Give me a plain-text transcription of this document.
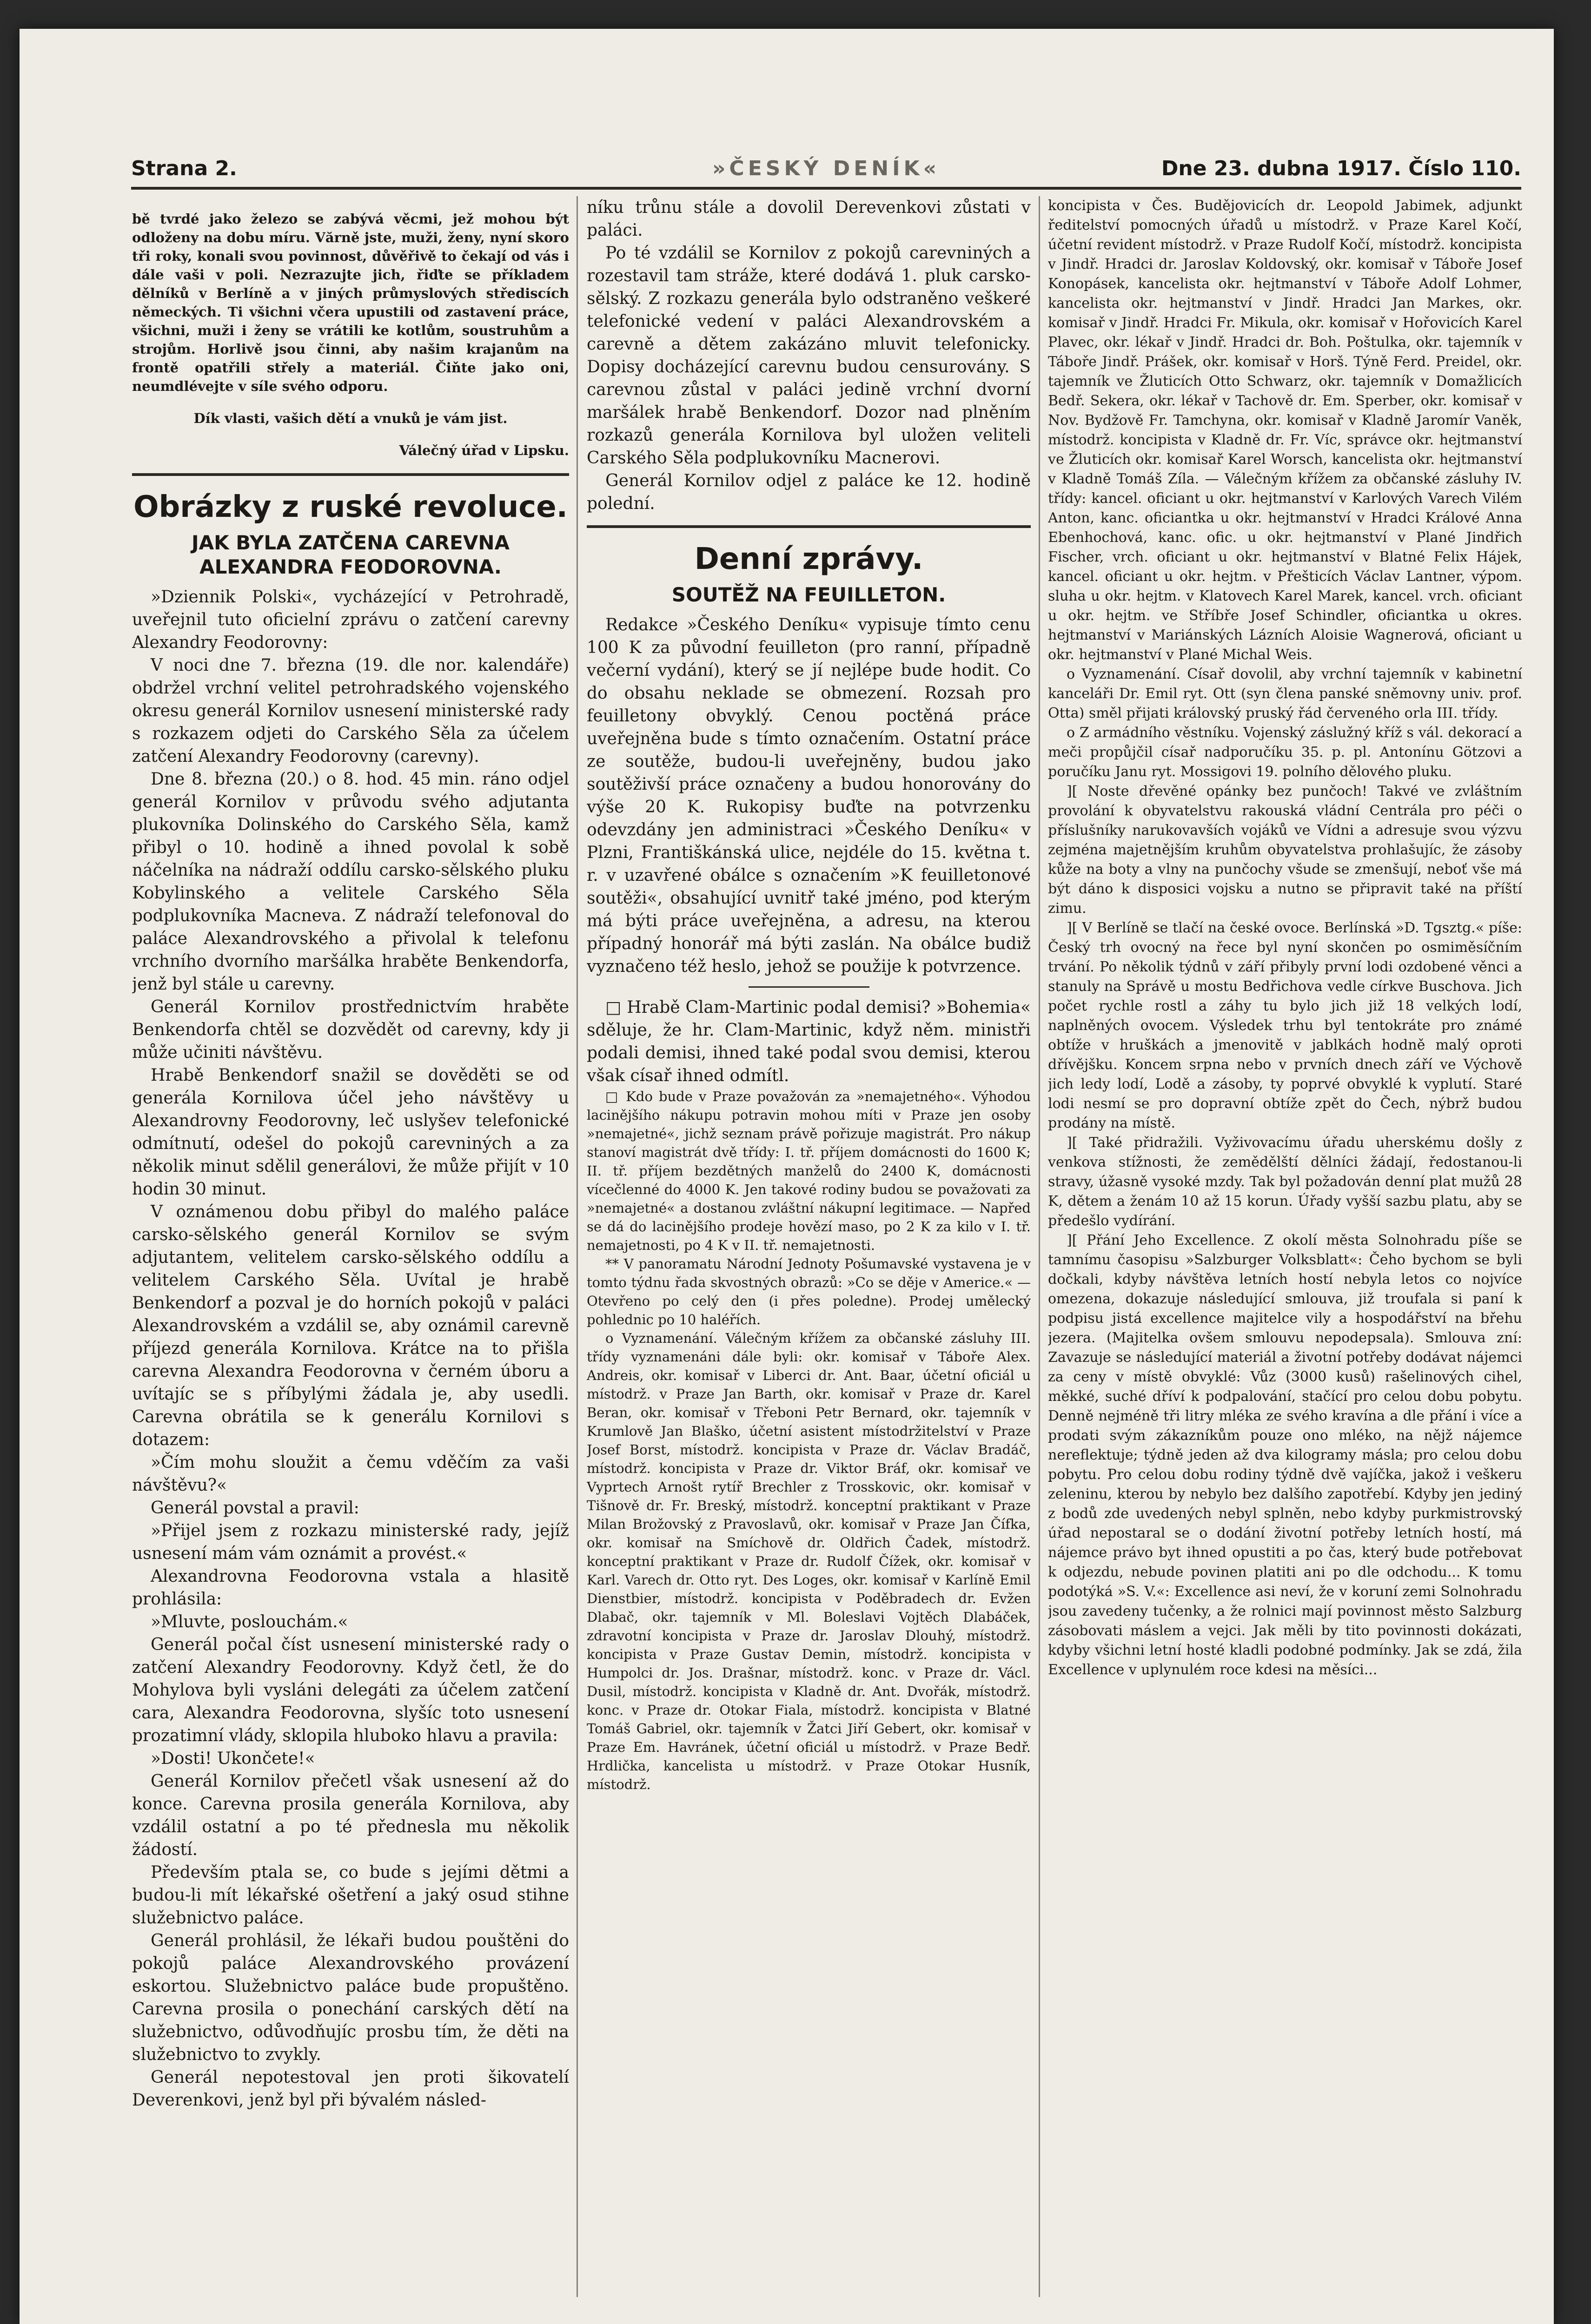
Strana 2.	»ČESKÝ DENÍK«	Dne 23. dubna 1917. Číslo 110.

bě tvrdé jako železo se zabývá věcmi, jež mohou být odloženy na dobu míru. Vărně jste, muži, ženy, nyní skoro tři roky, konali svou povinnost, důvěřivě to čekají od vás i dále vaši v poli. Nezrazujte jich, řiďte se příkladem dělníků v Berlíně a v jiných průmyslových střediscích německých. Ti všichni včera upustili od zastavení práce, všichni, muži i ženy se vrátili ke kotlům, soustruhům a strojům. Horlivě jsou činni, aby našim krajanům na frontě opatřili střely a materiál. Čiňte jako oni, neumdlévejte v síle svého odporu.

Dík vlasti, vašich dětí a vnuků je vám jist.

Válečný úřad v Lipsku.

Obrázky z ruské revoluce.
JAK BYLA ZATČENA CAREVNA ALEXANDRA FEODOROVNA.

»Dziennik Polski«, vycházející v Petrohradě, uveřejnil tuto oficielní zprávu o zatčení carevny Alexandry Feodorovny:

V noci dne 7. března (19. dle nor. kalendáře) obdržel vrchní velitel petrohradského vojenského okresu generál Kornilov usnesení ministerské rady s rozkazem odjeti do Carského Sěla za účelem zatčení Alexandry Feodorovny (carevny).

Dne 8. března (20.) o 8. hod. 45 min. ráno odjel generál Kornilov v průvodu svého adjutanta plukovníka Dolinského do Carského Sěla, kamž přibyl o 10. hodině a ihned povolal k sobě náčelníka na nádraží oddílu carsko-sělského pluku Kobylinského a velitele Carského Sěla podplukovníka Macneva. Z nádraží telefonoval do paláce Alexandrovského a přivolal k telefonu vrchního dvorního maršálka hraběte Benkendorfa, jenž byl stále u carevny.

Generál Kornilov prostřednictvím hraběte Benkendorfa chtěl se dozvědět od carevny, kdy ji může učiniti návštěvu.

Hrabě Benkendorf snažil se dověděti se od generála Kornilova účel jeho návštěvy u Alexandrovny Feodorovny, leč uslyšev telefonické odmítnutí, odešel do pokojů carevniných a za několik minut sdělil generálovi, že může přijít v 10 hodin 30 minut.

V oznámenou dobu přibyl do malého paláce carsko-sělského generál Kornilov se svým adjutantem, velitelem carsko-sělského oddílu a velitelem Carského Sěla. Uvítal je hrabě Benkendorf a pozval je do horních pokojů v paláci Alexandrovském a vzdálil se, aby oznámil carevně příjezd generála Kornilova. Krátce na to přišla carevna Alexandra Feodorovna v černém úboru a uvítajíc se s příbylými žádala je, aby usedli. Carevna obrátila se k generálu Kornilovi s dotazem:

»Čím mohu sloužit a čemu vděčím za vaši návštěvu?«

Generál povstal a pravil:

»Přijel jsem z rozkazu ministerské rady, jejíž usnesení mám vám oznámit a provést.«

Alexandrovna Feodorovna vstala a hlasitě prohlásila:

»Mluvte, poslouchám.«

Generál počal číst usnesení ministerské rady o zatčení Alexandry Feodorovny. Když četl, že do Mohylova byli vysláni delegáti za účelem zatčení cara, Alexandra Feodorovna, slyšíc toto usnesení prozatimní vlády, sklopila hluboko hlavu a pravila:

»Dosti! Ukončete!«

Generál Kornilov přečetl však usnesení až do konce. Carevna prosila generála Kornilova, aby vzdálil ostatní a po té přednesla mu několik žádostí.

Především ptala se, co bude s jejími dětmi a budou-li mít lékařské ošetření a jaký osud stihne služebnictvo paláce.

Generál prohlásil, že lékaři budou pouštěni do pokojů paláce Alexandrovského provázení eskortou. Služebnictvo paláce bude propuštěno. Carevna prosila o ponechání carských dětí na služebnictvo, odůvodňujíc prosbu tím, že děti na služebnictvo to zvykly.

Generál nepotestoval jen proti šikovatelí Deverenkovi, jenž byl při bývalém násled-

níku trůnu stále a dovolil Derevenkovi zůstati v paláci.

Po té vzdálil se Kornilov z pokojů carevniných a rozestavil tam stráže, které dodává 1. pluk carsko-sělský. Z rozkazu generála bylo odstraněno veškeré telefonické vedení v paláci Alexandrovském a carevně a dětem zakázáno mluvit telefonicky. Dopisy docházející carevnu budou censurovány. S carevnou zůstal v paláci jedině vrchní dvorní maršálek hrabě Benkendorf. Dozor nad plněním rozkazů generála Kornilova byl uložen veliteli Carského Sěla podplukovníku Macnerovi.

Generál Kornilov odjel z paláce ke 12. hodině polední.

Denní zprávy.
SOUTĚŽ NA FEUILLETON.

Redakce »Českého Deníku« vypisuje tímto cenu 100 K za původní feuilleton (pro ranní, případně večerní vydání), který se jí nejlépe bude hodit. Co do obsahu neklade se obmezení. Rozsah pro feuilletony obvyklý. Cenou poctěná práce uveřejněna bude s tímto označením. Ostatní práce ze soutěže, budou-li uveřejněny, budou jako soutěživší práce označeny a budou honorovány do výše 20 K. Rukopisy buďte na potvrzenku odevzdány jen administraci »Českého Deníku« v Plzni, Františkánská ulice, nejdéle do 15. května t. r. v uzavřené obálce s označením »K feuilletonové soutěži«, obsahující uvnitř také jméno, pod kterým má býti práce uveřejněna, a adresu, na kterou případný honorář má býti zaslán. Na obálce budiž vyznačeno též heslo, jehož se použije k potvrzence.

□ Hrabě Clam-Martinic podal demisi? »Bohemia« sděluje, že hr. Clam-Martinic, když něm. ministři podali demisi, ihned také podal svou demisi, kterou však císař ihned odmítl.

□ Kdo bude v Praze považován za »nemajetného«. Výhodou lacinějšího nákupu potravin mohou míti v Praze jen osoby »nemajetné«, jichž seznam právě pořizuje magistrát. Pro nákup stanoví magistrát dvě třídy: I. tř. příjem domácnosti do 1600 K; II. tř. příjem bezdětných manželů do 2400 K, domácnosti vícečlenné do 4000 K. Jen takové rodiny budou se považovati za »nemajetné« a dostanou zvláštní nákupní legitimace. — Napřed se dá do lacinějšího prodeje hovězí maso, po 2 K za kilo v I. tř. nemajetnosti, po 4 K v II. tř. nemajetnosti.

** V panoramatu Národní Jednoty Pošumavské vystavena je v tomto týdnu řada skvostných obrazů: »Co se děje v Americe.« — Otevřeno po celý den (i přes poledne). Prodej umělecký pohlednic po 10 haléřích.

o Vyznamenání. Válečným křížem za občanské zásluhy III. třídy vyznamenáni dále byli: okr. komisař v Táboře Alex. Andreis, okr. komisař v Liberci dr. Ant. Baar, účetní oficiál u místodrž. v Praze Jan Barth, okr. komisař v Praze dr. Karel Beran, okr. komisař v Třeboni Petr Bernard, okr. tajemník v Krumlově Jan Blaško, účetní asistent místodržitelství v Praze Josef Borst, místodrž. koncipista v Praze dr. Václav Bradáč, místodrž. koncipista v Praze dr. Viktor Bráf, okr. komisař ve Vyprtech Arnošt rytíř Brechler z Trosskovic, okr. komisař v Tišnově dr. Fr. Breský, místodrž. konceptní praktikant v Praze Milan Brožovský z Pravoslavů, okr. komisař v Praze Jan Čífka, okr. komisař na Smíchově dr. Oldřich Čadek, místodrž. konceptní praktikant v Praze dr. Rudolf Čížek, okr. komisař v Karl. Varech dr. Otto ryt. Des Loges, okr. komisař v Karlíně Emil Dienstbier, místodrž. koncipista v Poděbradech dr. Evžen Dlabač, okr. tajemník v Ml. Boleslavi Vojtěch Dlabáček, zdravotní koncipista v Praze dr. Jaroslav Dlouhý, místodrž. koncipista v Praze Gustav Demin, místodrž. koncipista v Humpolci dr. Jos. Drašnar, místodrž. konc. v Praze dr. Václ. Dusil, místodrž. koncipista v Kladně dr. Ant. Dvořák, místodrž. konc. v Praze dr. Otokar Fiala, místodrž. koncipista v Blatné Tomáš Gabriel, okr. tajemník v Žatci Jiří Gebert, okr. komisař v Praze Em. Havránek, účetní oficiál u místodrž. v Praze Bedř. Hrdlička, kancelista u místodrž. v Praze Otokar Husník, místodrž.

koncipista v Čes. Budějovicích dr. Leopold Jabimek, adjunkt ředitelství pomocných úřadů u místodrž. v Praze Karel Kočí, účetní revident místodrž. v Praze Rudolf Kočí, místodrž. koncipista v Jindř. Hradci dr. Jaroslav Koldovský, okr. komisař v Táboře Josef Konopásek, kancelista okr. hejtmanství v Táboře Adolf Lohmer, kancelista okr. hejtmanství v Jindř. Hradci Jan Markes, okr. komisař v Jindř. Hradci Fr. Mikula, okr. komisař v Hořovicích Karel Plavec, okr. lékař v Jindř. Hradci dr. Boh. Poštulka, okr. tajemník v Táboře Jindř. Prášek, okr. komisař v Horš. Týně Ferd. Preidel, okr. tajemník ve Žluticích Otto Schwarz, okr. tajemník v Domažlicích Bedř. Sekera, okr. lékař v Tachově dr. Em. Sperber, okr. komisař v Nov. Bydžově Fr. Tamchyna, okr. komisař v Kladně Jaromír Vaněk, místodrž. koncipista v Kladně dr. Fr. Víc, správce okr. hejtmanství ve Žluticích okr. komisař Karel Worsch, kancelista okr. hejtmanství v Kladně Tomáš Zíla. — Válečným křížem za občanské zásluhy IV. třídy: kancel. oficiant u okr. hejtmanství v Karlových Varech Vilém Anton, kanc. oficiantka u okr. hejtmanství v Hradci Králové Anna Ebenhochová, kanc. ofic. u okr. hejtmanství v Plané Jindřich Fischer, vrch. oficiant u okr. hejtmanství v Blatné Felix Hájek, kancel. oficiant u okr. hejtm. v Přešticích Václav Lantner, výpom. sluha u okr. hejtm. v Klatovech Karel Marek, kancel. vrch. oficiant u okr. hejtm. ve Stříbře Josef Schindler, oficiantka u okres. hejtmanství v Mariánských Lázních Aloisie Wagnerová, oficiant u okr. hejtmanství v Plané Michal Weis.

o Vyznamenání. Císař dovolil, aby vrchní tajemník v kabinetní kanceláři Dr. Emil ryt. Ott (syn člena panské sněmovny univ. prof. Otta) směl přijati královský pruský řád červeného orla III. třídy.

o Z armádního věstníku. Vojenský záslužný kříž s vál. dekorací a meči propůjčil císař nadporučíku 35. p. pl. Antonínu Götzovi a poručíku Janu ryt. Mossigovi 19. polního dělového pluku.

][ Noste dřevěné opánky bez punčoch! Takvé ve zvláštním provolání k obyvatelstvu rakouská vládní Centrála pro péči o příslušníky narukovavších vojáků ve Vídni a adresuje svou výzvu zejména majetnějším kruhům obyvatelstva prohlašujíc, že zásoby kůže na boty a vlny na punčochy všude se zmenšují, neboť vše má být dáno k disposici vojsku a nutno se připravit také na příští zimu.

][ V Berlíně se tlačí na české ovoce. Berlínská »D. Tgsztg.« píše: Český trh ovocný na řece byl nyní skončen po osmiměsíčním trvání. Po několik týdnů v září přibyly první lodi ozdobené věnci a stanuly na Správě u mostu Bedřichova vedle církve Buschova. Jich počet rychle rostl a záhy tu bylo jich již 18 velkých lodí, naplněných ovocem. Výsledek trhu byl tentokráte pro známé obtíže v hruškách a jmenovitě v jablkách hodně malý oproti dřívějšku. Koncem srpna nebo v prvních dnech září ve Výchově jich ledy lodí, Lodě a zásoby, ty poprvé obvyklé k vyplutí. Staré lodi nesmí se pro dopravní obtíže zpět do Čech, nýbrž budou prodány na místě.

][ Také přidražili. Vyživovacímu úřadu uherskému došly z venkova stížnosti, že zemědělští dělníci žádají, ředostanou-li stravy, úžasně vysoké mzdy. Tak byl požadován denní plat mužů 28 K, dětem a ženám 10 až 15 korun. Úřady vyšší sazbu platu, aby se předešlo vydírání.

][ Přání Jeho Excellence. Z okolí města Solnohradu píše se tamnímu časopisu »Salzburger Volksblatt«: Čeho bychom se byli dočkali, kdyby návštěva letních hostí nebyla letos co nojvíce omezena, dokazuje následující smlouva, již troufala si paní k podpisu jistá excellence majitelce vily a hospodářství na břehu jezera. (Majitelka ovšem smlouvu nepodepsala). Smlouva zní: Zavazuje se následující materiál a životní potřeby dodávat nájemci za ceny v místě obvyklé: Vůz (3000 kusů) rašelinových cihel, měkké, suché dříví k podpalování, stačící pro celou dobu pobytu. Denně nejméně tři litry mléka ze svého kravína a dle přání i více a prodati svým zákazníkům pouze ono mléko, na nějž nájemce nereflektuje; týdně jeden až dva kilogramy másla; pro celou dobu pobytu. Pro celou dobu rodiny týdně dvě vajíčka, jakož i veškeru zeleninu, kterou by nebylo bez dalšího zapotřebí. Kdyby jen jediný z bodů zde uvedených nebyl splněn, nebo kdyby purkmistrovský úřad nepostaral se o dodání životní potřeby letních hostí, má nájemce právo byt ihned opustiti a po čas, který bude potřebovat k odjezdu, nebude povinen platiti ani po dle odchodu... K tomu podotýká »S. V.«: Excellence asi neví, že v koruní zemi Solnohradu jsou zavedeny tučenky, a že rolnici mají povinnost město Salzburg zásobovati máslem a vejci. Jak měli by tito povinnosti dokázati, kdyby všichni letní hosté kladli podobné podmínky. Jak se zdá, žila Excellence v uplynulém roce kdesi na měsíci...
